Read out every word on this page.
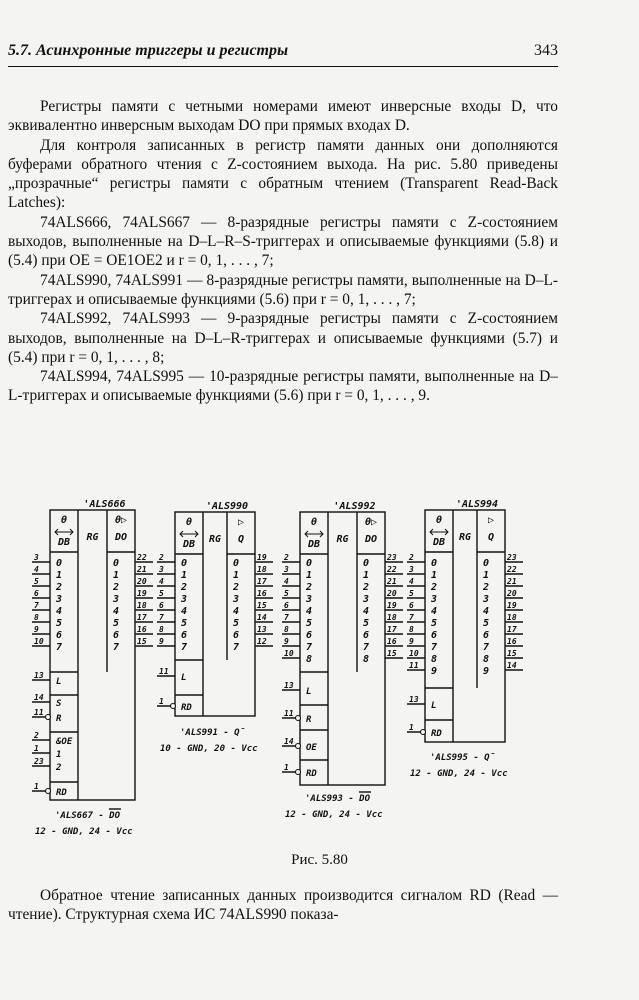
5.7. Асинхронные триггеры и регистры	343

Регистры памяти с четными номерами имеют инверсные входы D, что эквивалентно инверсным выходам DO при прямых входах D.

Для контроля записанных в регистр памяти данных они дополняются буферами обратного чтения с Z-состоянием выхода. На рис. 5.80 приведены „прозрачные“ регистры памяти с обратным чтением (Transparent Read-Back Latches):

74ALS666, 74ALS667 — 8-разрядные регистры памяти с Z-состоянием выходов, выполненные на D–L–R–S-триггерах и описываемые функциями (5.8) и (5.4) при OE = OE1OE2 и r = 0, 1, . . . , 7;

74ALS990, 74ALS991 — 8-разрядные регистры памяти, выполненные на D–L-триггерах и описываемые функциями (5.6) при r = 0, 1, . . . , 7;

74ALS992, 74ALS993 — 9-разрядные регистры памяти с Z-состоянием выходов, выполненные на D–L–R-триггерах и описываемые функциями (5.7) и (5.4) при r = 0, 1, . . . , 8;

74ALS994, 74ALS995 — 10-разрядные регистры памяти, выполненные на D–L-триггерах и описываемые функциями (5.6) при r = 0, 1, . . . , 9.

'ALS666
θ
DB RG
θ▷
DO
0
3
1
4
2
5
3
6
4
7
5
8
6
9
7
10
0
22
1
21
2
20
3
19
4
18
5
17
6
16
7
15
L
13
S
14
R
11
&OE
2
1
1
2
23
RD
1
'ALS667 - DO
12 - GND, 24 - Vcc
'ALS990
θ
DB RG
▷
Q
0
2
1
3
2
4
3
5
4
6
5
7
6
8
7
9
0
19
1
18
2
17
3
16
4
15
5
14
6
13
7
12
L
11
RD
1
'ALS991 - Q̄
10 - GND, 20 - Vcc
'ALS992
θ
DB RG
θ▷
DO
0
2
1
3
2
4
3
5
4
6
5
7
6
8
7
9
8
10
0
23
1
22
2
21
3
20
4
19
5
18
6
17
7
16
8
15
L
13
R
11
OE
14
RD
1
'ALS993 - DO
12 - GND, 24 - Vcc
'ALS994
θ
DB RG
▷
Q
0
2
1
3
2
4
3
5
4
6
5
7
6
8
7
9
8
10
9
11
0
23
1
22
2
21
3
20
4
19
5
18
6
17
7
16
8
15
9
14
L
13
RD
1
'ALS995 - Q̄
12 - GND, 24 - Vcc
Рис. 5.80

Обратное чтение записанных данных производится сигналом RD (Read — чтение). Структурная схема ИС 74ALS990 показа-
